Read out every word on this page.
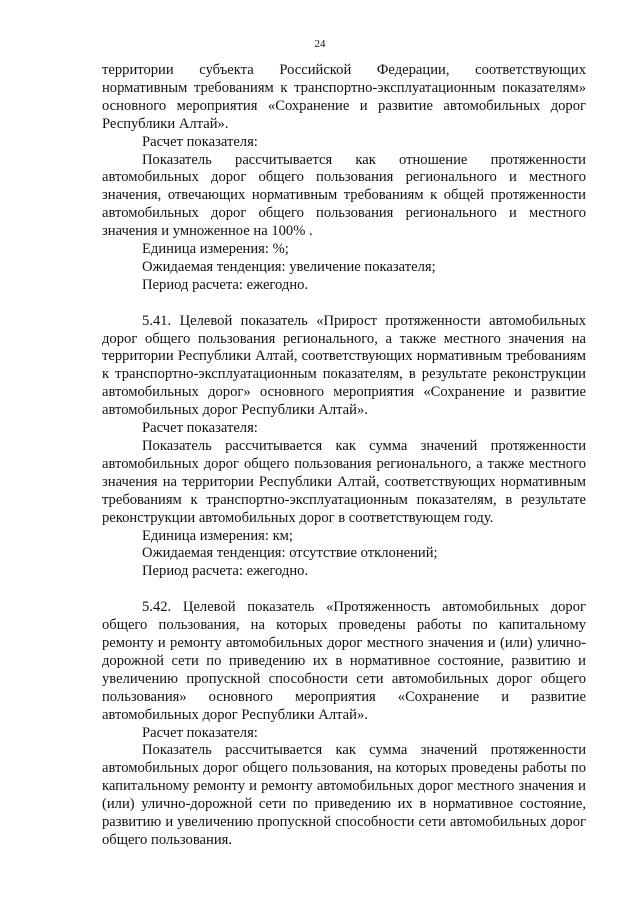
24

территории субъекта Российской Федерации, соответствующих нормативным требованиям к транспортно-эксплуатационным показателям» основного мероприятия «Сохранение и развитие автомобильных дорог Республики Алтай».

Расчет показателя:

Показатель рассчитывается как отношение протяженности автомобильных дорог общего пользования регионального и местного значения, отвечающих нормативным требованиям к общей протяженности автомобильных дорог общего пользования регионального и местного значения и умноженное на 100% .

Единица измерения: %;

Ожидаемая тенденция: увеличение показателя;

Период расчета: ежегодно.

5.41. Целевой показатель «Прирост протяженности автомобильных дорог общего пользования регионального, а также местного значения на территории Республики Алтай, соответствующих нормативным требованиям к транспортно-эксплуатационным показателям, в результате реконструкции автомобильных дорог» основного мероприятия «Сохранение и развитие автомобильных дорог Республики Алтай».

Расчет показателя:

Показатель рассчитывается как сумма значений протяженности автомобильных дорог общего пользования регионального, а также местного значения на территории Республики Алтай, соответствующих нормативным требованиям к транспортно-эксплуатационным показателям, в результате реконструкции автомобильных дорог в соответствующем году.

Единица измерения: км;

Ожидаемая тенденция: отсутствие отклонений;

Период расчета: ежегодно.

5.42. Целевой показатель «Протяженность автомобильных дорог общего пользования, на которых проведены работы по капитальному ремонту и ремонту автомобильных дорог местного значения и (или) улично-дорожной сети по приведению их в нормативное состояние, развитию и увеличению пропускной способности сети автомобильных дорог общего пользования» основного мероприятия «Сохранение и развитие автомобильных дорог Республики Алтай».

Расчет показателя:

Показатель рассчитывается как сумма значений протяженности автомобильных дорог общего пользования, на которых проведены работы по капитальному ремонту и ремонту автомобильных дорог местного значения и (или) улично-дорожной сети по приведению их в нормативное состояние, развитию и увеличению пропускной способности сети автомобильных дорог общего пользования.
